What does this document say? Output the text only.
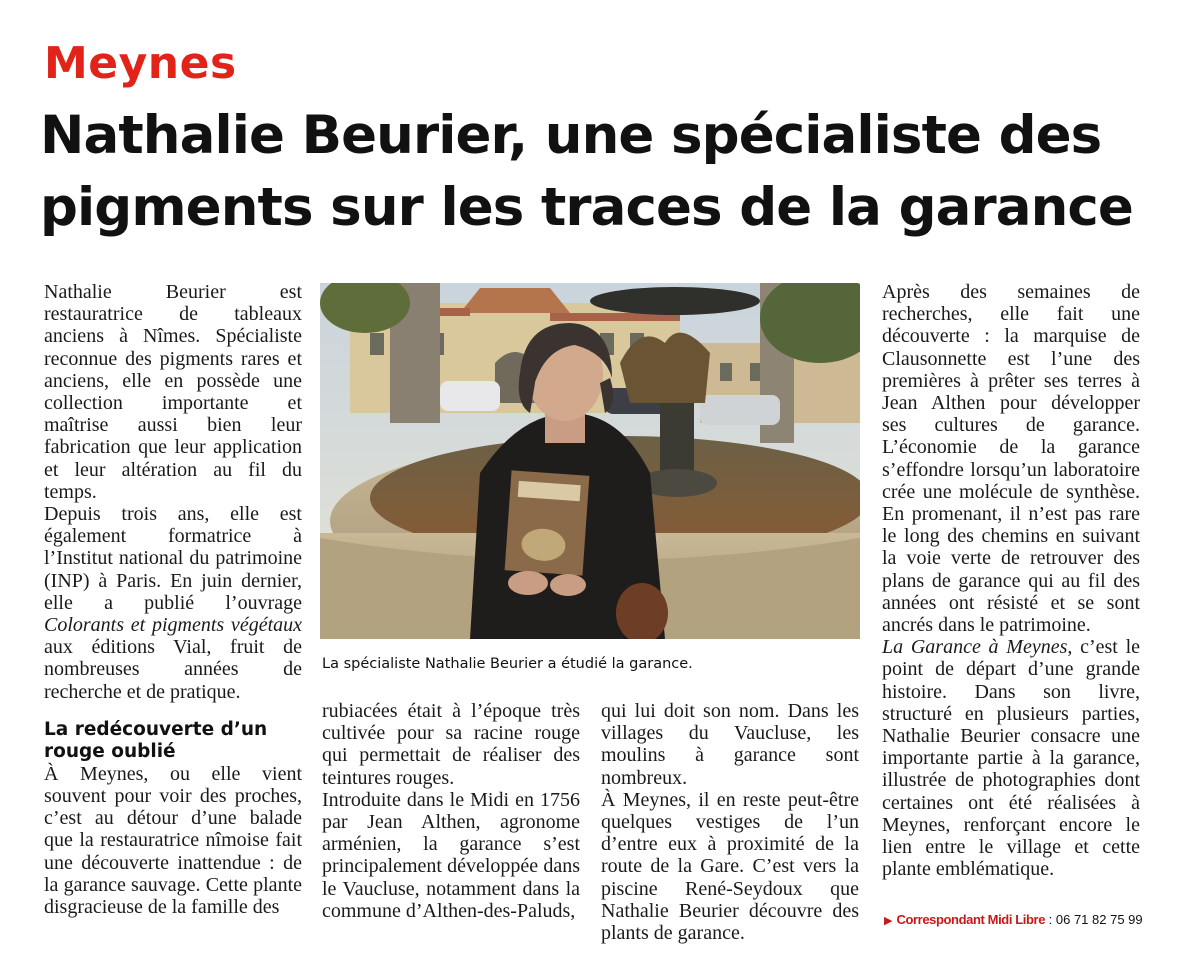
Meynes
Nathalie Beurier, une spécialiste des
pigments sur les traces de la garance

Nathalie Beurier est restauratrice de tableaux anciens à Nîmes. Spécialiste reconnue des pigments rares et anciens, elle en possède une collection importante et maîtrise aussi bien leur fabrication que leur application et leur altération au fil du temps.

Depuis trois ans, elle est également formatrice à l’Institut national du patrimoine (INP) à Paris. En juin dernier, elle a publié l’ouvrage Colorants et pigments végétaux aux éditions Vial, fruit de nombreuses années de recherche et de pratique.

La redécouverte d’un rouge oublié

À Meynes, ou elle vient souvent pour voir des proches, c’est au détour d’une balade que la restauratrice nîmoise fait une découverte inattendue : de la garance sauvage. Cette plante disgracieuse de la famille des

La spécialiste Nathalie Beurier a étudié la garance.

rubiacées était à l’époque très cultivée pour sa racine rouge qui permettait de réaliser des teintures rouges.

Introduite dans le Midi en 1756 par Jean Althen, agronome arménien, la garance s’est principalement développée dans le Vaucluse, notamment dans la commune d’Althen-des-Paluds,

qui lui doit son nom. Dans les villages du Vaucluse, les moulins à garance sont nombreux.

À Meynes, il en reste peut-être quelques vestiges de l’un d’entre eux à proximité de la route de la Gare. C’est vers la piscine René-Seydoux que Nathalie Beurier découvre des plants de garance.

Après des semaines de recherches, elle fait une découverte : la marquise de Clausonnette est l’une des premières à prêter ses terres à Jean Althen pour développer ses cultures de garance. L’économie de la garance s’effondre lorsqu’un laboratoire crée une molécule de synthèse. En promenant, il n’est pas rare le long des chemins en suivant la voie verte de retrouver des plans de garance qui au fil des années ont résisté et se sont ancrés dans le patrimoine.

La Garance à Meynes, c’est le point de départ d’une grande histoire. Dans son livre, structuré en plusieurs parties, Nathalie Beurier consacre une importante partie à la garance, illustrée de photographies dont certaines ont été réalisées à Meynes, renforçant encore le lien entre le village et cette plante emblématique.

▶ Correspondant Midi Libre : 06 71 82 75 99
